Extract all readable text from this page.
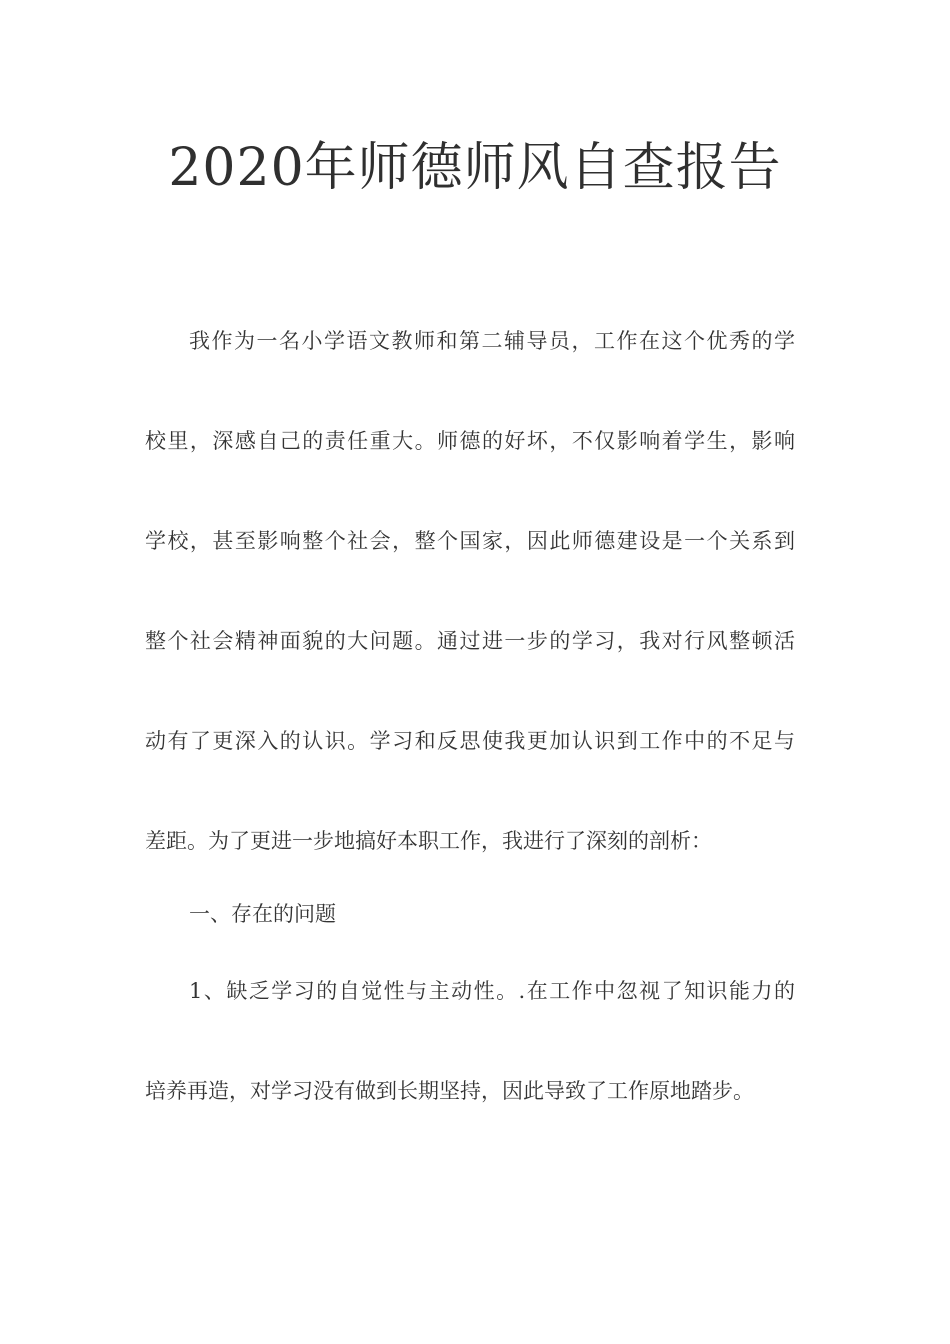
2020年师德师风自查报告

我作为一名小学语文教师和第二辅导员，工作在这个优秀的学

校里，深感自己的责任重大。师德的好坏，不仅影响着学生，影响

学校，甚至影响整个社会，整个国家，因此师德建设是一个关系到

整个社会精神面貌的大问题。通过进一步的学习，我对行风整顿活

动有了更深入的认识。学习和反思使我更加认识到工作中的不足与

差距。为了更进一步地搞好本职工作，我进行了深刻的剖析：

一、存在的问题

1、缺乏学习的自觉性与主动性。.在工作中忽视了知识能力的

培养再造，对学习没有做到长期坚持，因此导致了工作原地踏步。
